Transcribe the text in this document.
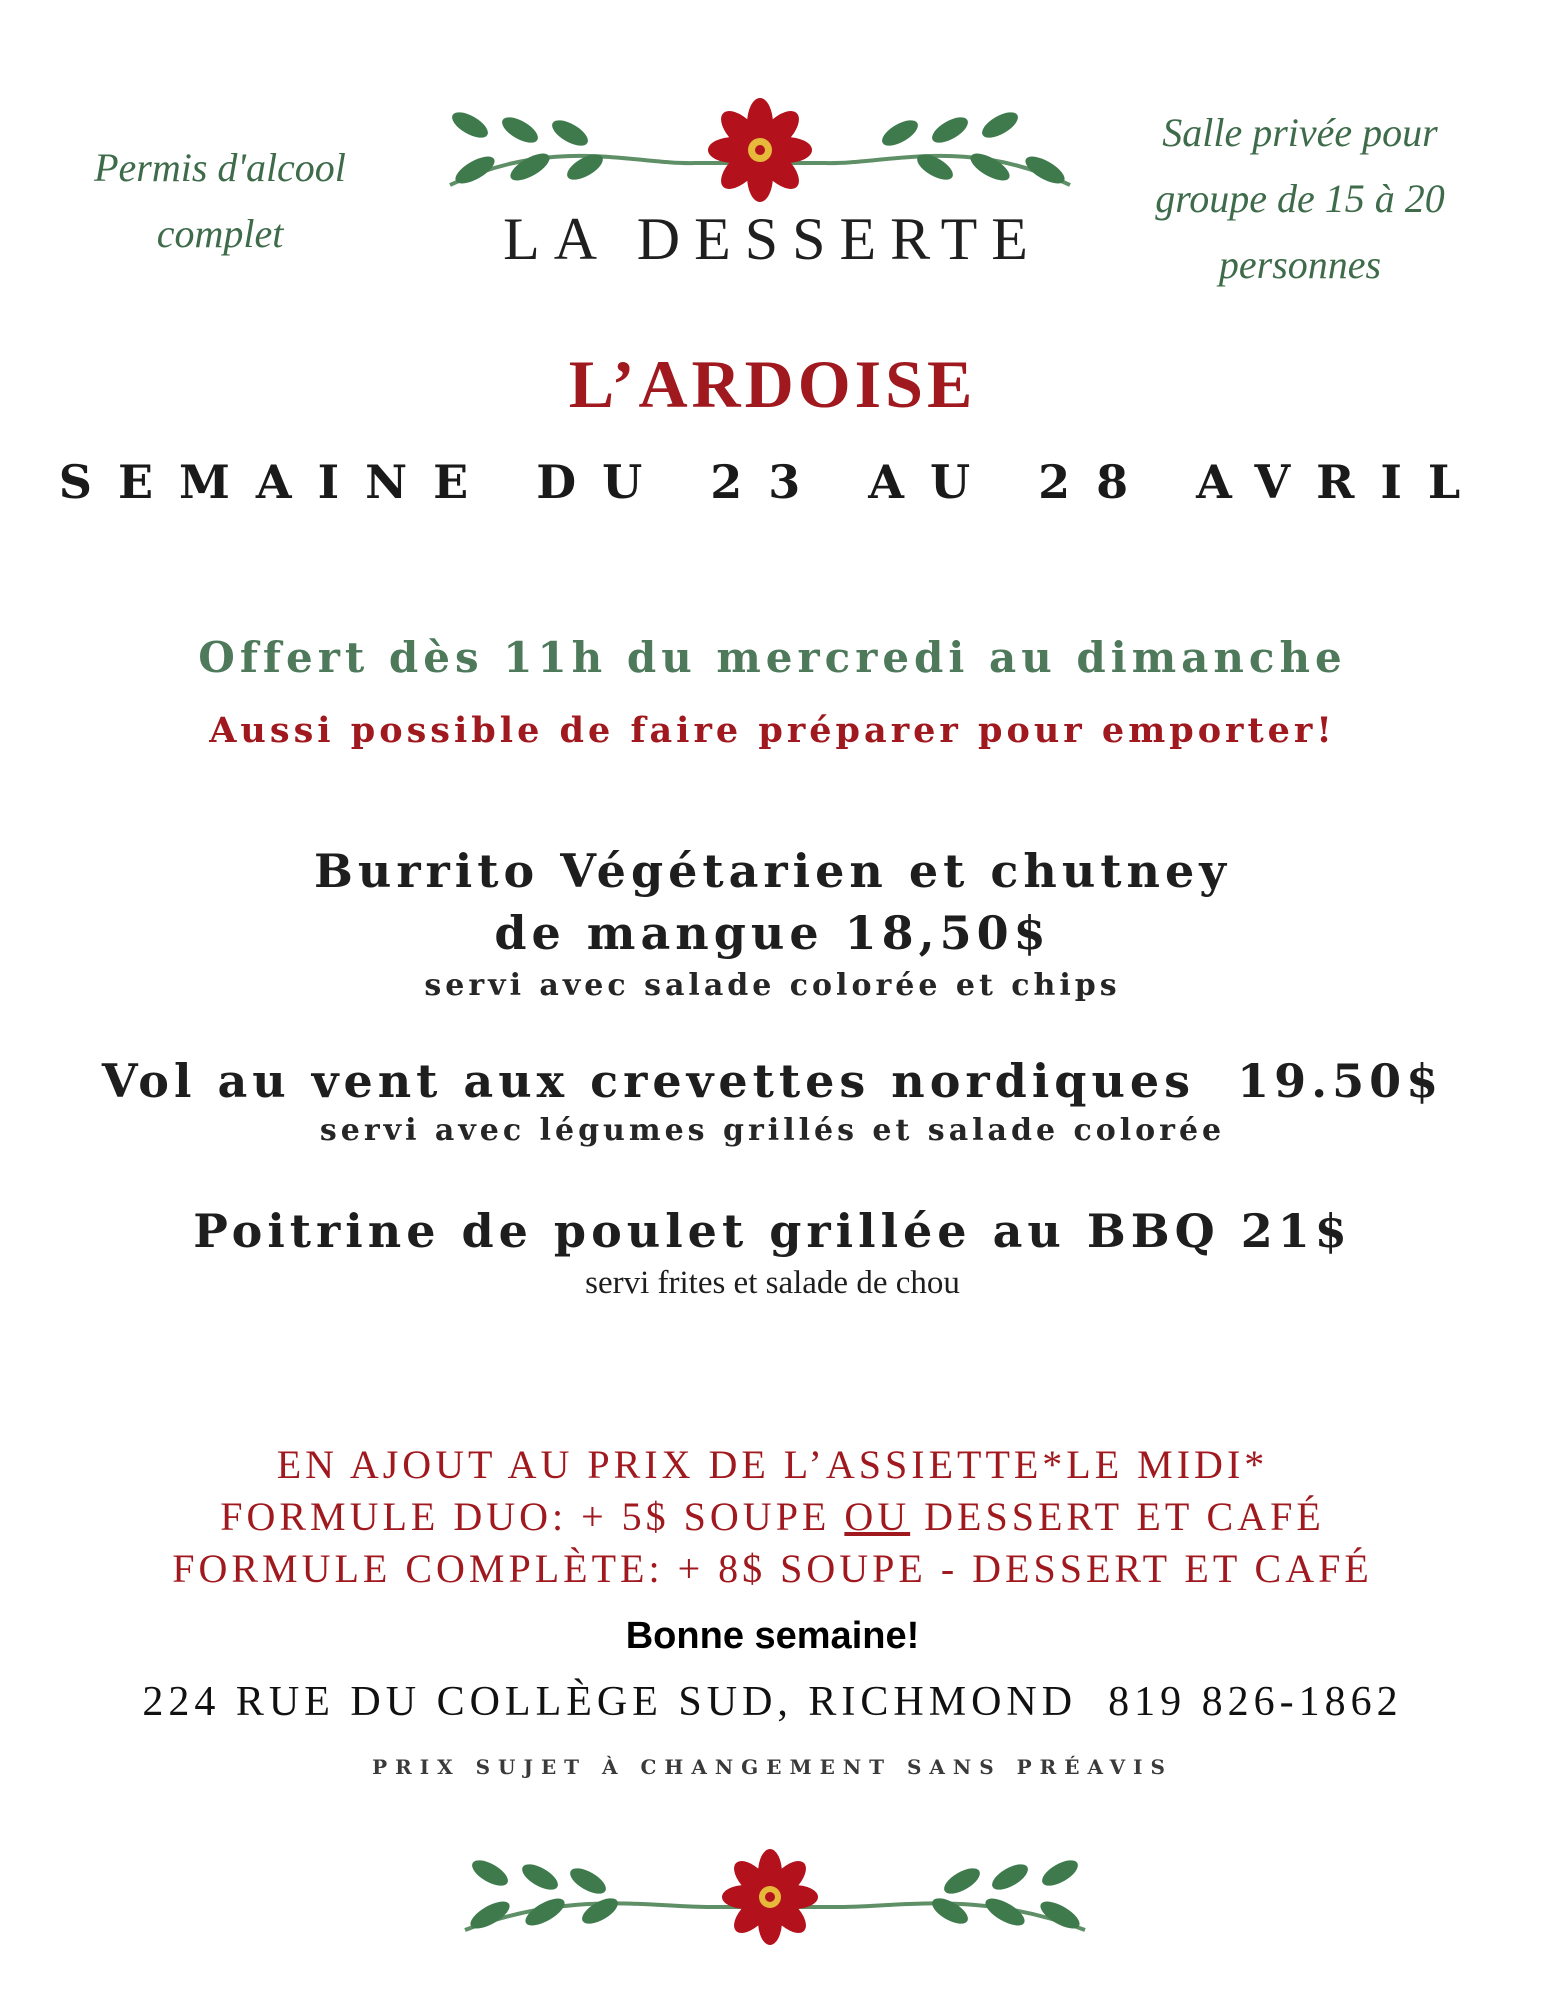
Permis d'alcool
complet
Salle privée pour
groupe de 15 à 20
personnes
LA DESSERTE
L’ARDOISE
SEMAINE DU 23 AU 28 AVRIL
Offert dès 11h du mercredi au dimanche
Aussi possible de faire préparer pour emporter!
Burrito Végétarien et chutney
de mangue 18,50$
servi avec salade colorée et chips
Vol au vent aux crevettes nordiques  19.50$
servi avec légumes grillés et salade colorée
Poitrine de poulet grillée au BBQ 21$
servi frites et salade de chou
EN AJOUT AU PRIX DE L’ASSIETTE*LE MIDI*
FORMULE DUO: + 5$ SOUPE OU DESSERT ET CAFÉ
FORMULE COMPLÈTE: + 8$ SOUPE - DESSERT ET CAFÉ
Bonne semaine!
224 RUE DU COLLÈGE SUD, RICHMOND  819 826-1862
PRIX SUJET À CHANGEMENT SANS PRÉAVIS
